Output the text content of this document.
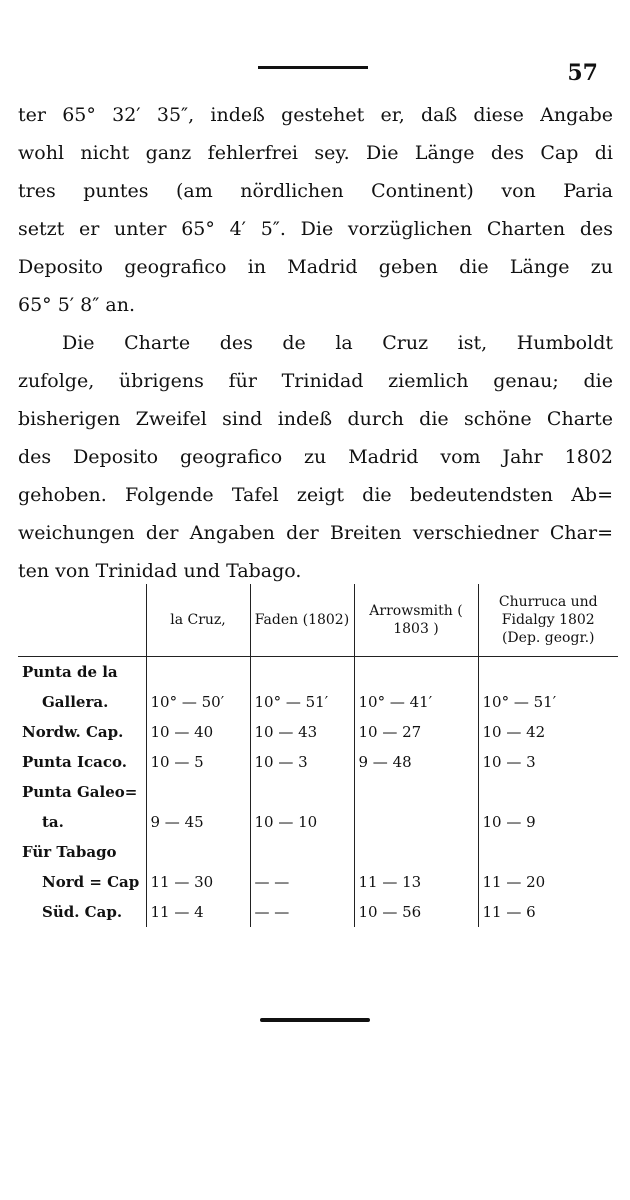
57

ter 65° 32′ 35″, indeß gestehet er, daß diese Angabe
wohl nicht ganz fehlerfrei sey. Die Länge des Cap di
tres puntes (am nördlichen Continent) von Paria
setzt er unter 65° 4′ 5″. Die vorzüglichen Charten des
Deposito geografico in Madrid geben die Länge zu
65° 5′ 8″ an.

Die Charte des de la Cruz ist, Humboldt
zufolge, übrigens für Trinidad ziemlich genau; die
bisherigen Zweifel sind indeß durch die schöne Charte
des Deposito geografico zu Madrid vom Jahr 1802
gehoben. Folgende Tafel zeigt die bedeutendsten Ab=
weichungen der Angaben der Breiten verschiedner Char=
ten von Trinidad und Tabago.

	la Cruz,	Faden (1802)	Arrowsmith ( 1803 )	Churruca und Fidalgy 1802 (Dep. geogr.)
Punta de la				
Gallera.	10° — 50′	10° — 51′	10° — 41′	10° — 51′
Nordw. Cap.	10 — 40	10 — 43	10 — 27	10 — 42
Punta Icaco.	10 — 5	10 — 3	9 — 48	10 — 3
Punta Galeo=				
ta.	9 — 45	10 — 10		10 — 9
Für Tabago				
Nord = Cap	11 — 30	— —	11 — 13	11 — 20
Süd. Cap.	11 — 4	— —	10 — 56	11 — 6
